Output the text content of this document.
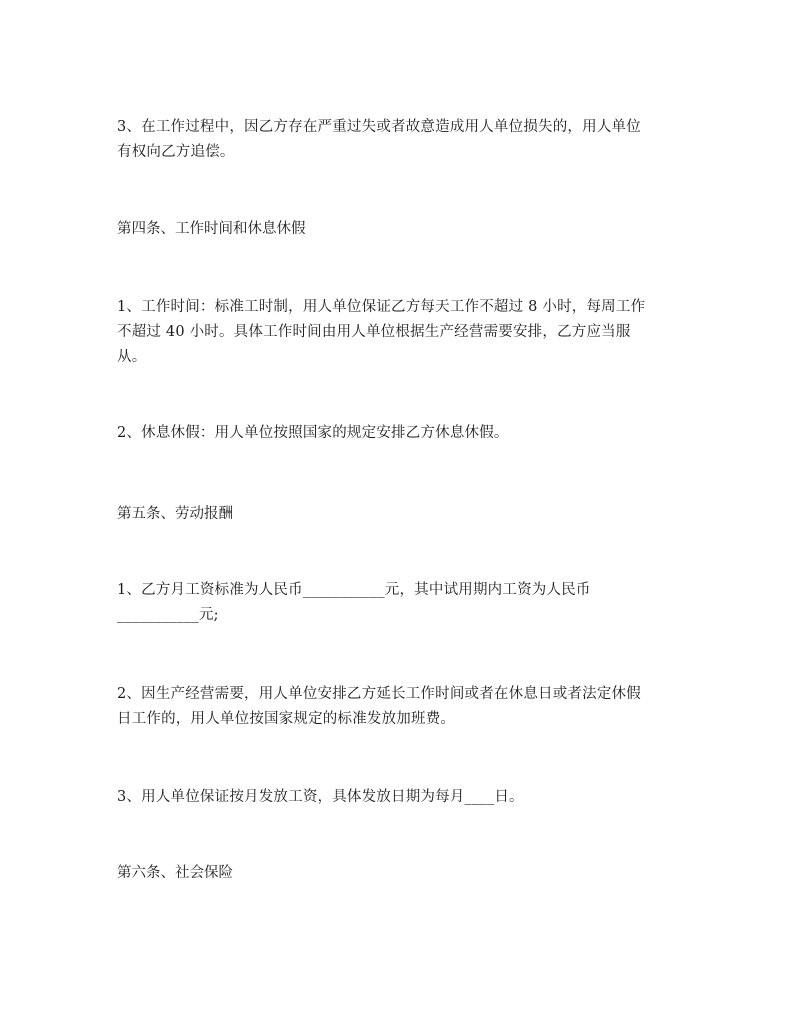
3、在工作过程中，因乙方存在严重过失或者故意造成用人单位损失的，用人单位
有权向乙方追偿。
第四条、工作时间和休息休假
1、工作时间：标准工时制，用人单位保证乙方每天工作不超过 8 小时，每周工作
不超过 40 小时。具体工作时间由用人单位根据生产经营需要安排，乙方应当服
从。
2、休息休假：用人单位按照国家的规定安排乙方休息休假。
第五条、劳动报酬
1、乙方月工资标准为人民币___________元，其中试用期内工资为人民币
___________元;
2、因生产经营需要，用人单位安排乙方延长工作时间或者在休息日或者法定休假
日工作的，用人单位按国家规定的标准发放加班费。
3、用人单位保证按月发放工资，具体发放日期为每月____日。
第六条、社会保险
